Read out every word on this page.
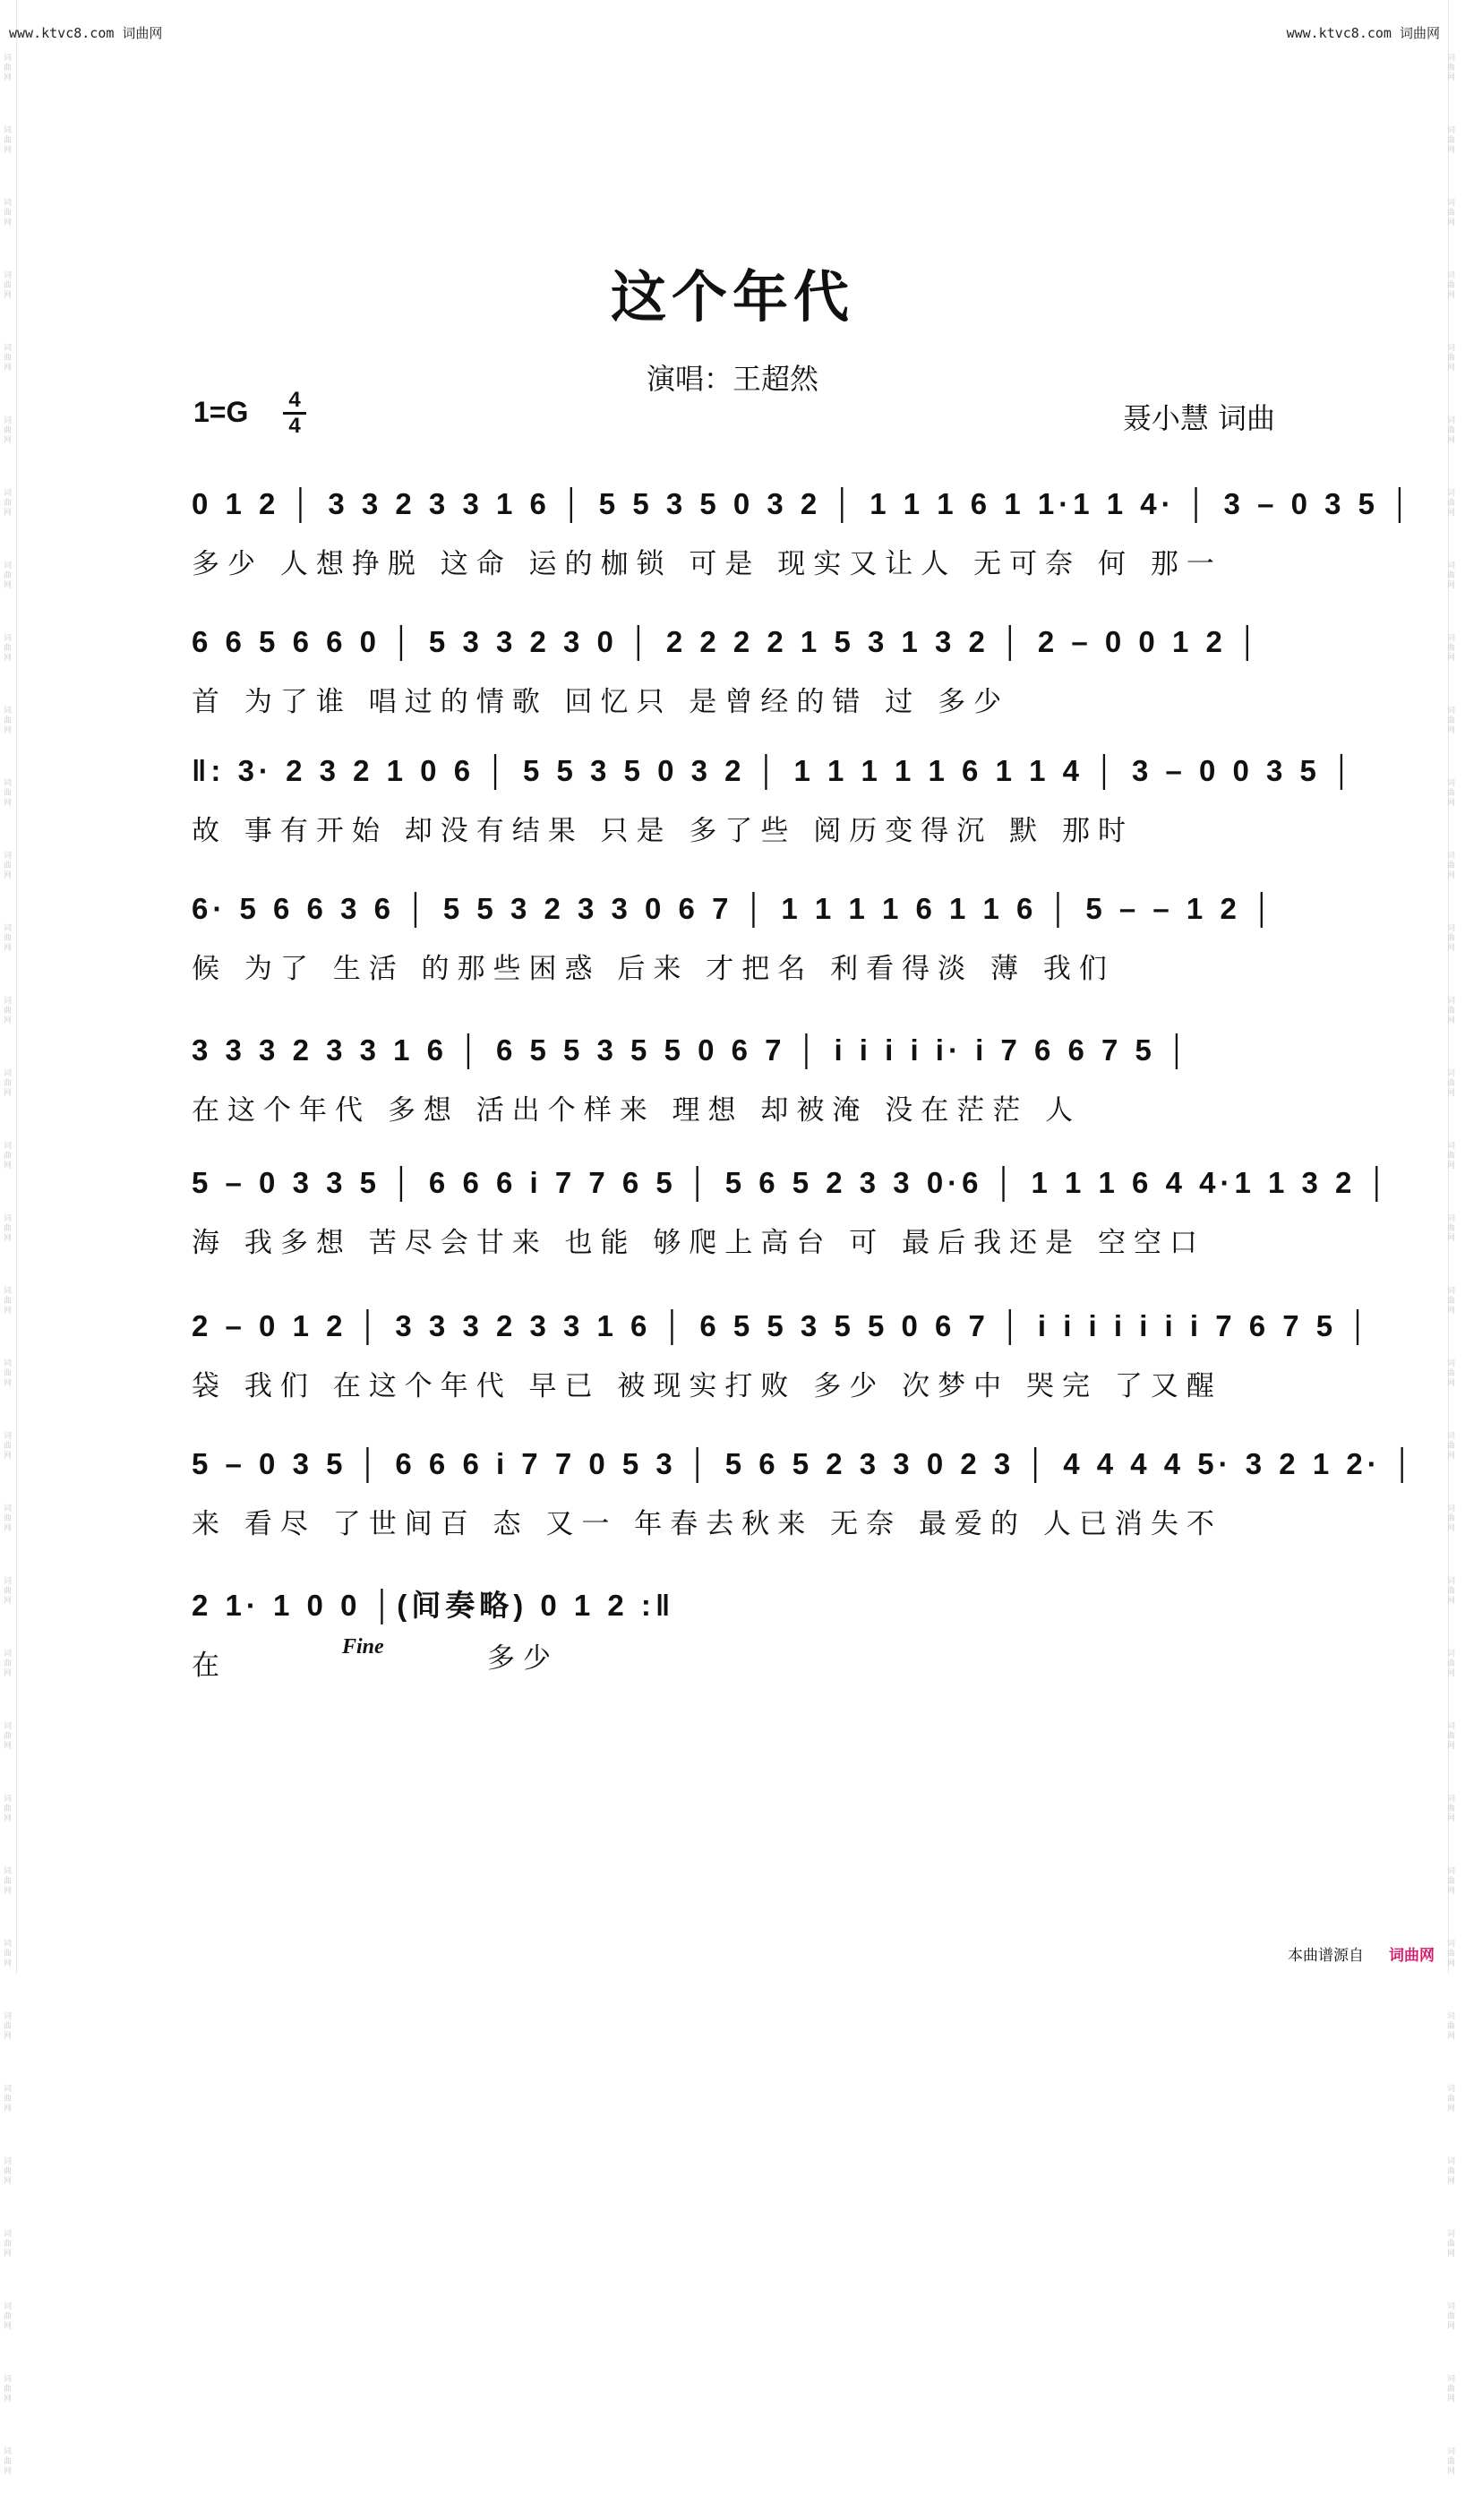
www.ktvc8.com 词曲网	www.ktvc8.com 词曲网
词曲网
词曲网
词曲网
词曲网
词曲网
词曲网
词曲网
词曲网
词曲网
词曲网
词曲网
词曲网
词曲网
词曲网
词曲网
词曲网
词曲网
词曲网
词曲网
词曲网
词曲网
词曲网
词曲网
词曲网
词曲网
词曲网
词曲网
词曲网
词曲网
词曲网
词曲网
词曲网
词曲网
词曲网
词曲网
词曲网
词曲网
词曲网
词曲网
词曲网
词曲网
词曲网
词曲网
词曲网
词曲网
词曲网
词曲网
词曲网
词曲网
词曲网
词曲网
词曲网
词曲网
词曲网
词曲网
词曲网
词曲网
词曲网
词曲网
词曲网
词曲网
词曲网
词曲网
词曲网
词曲网
词曲网
词曲网
词曲网
这个年代
演唱：王超然
1=G 4
4	聂小慧 词曲
0 1 2 │ 3 3 2 3 3 1 6 │ 5 5 3 5 0 3 2 │ 1 1 1 6 1 1·1 1 4· │ 3 – 0 3 5 │
多少 人想挣脱 这命 运的枷锁 可是 现实又让人 无可奈 何 那一
6 6 5 6 6 0 │ 5 3 3 2 3 0 │ 2 2 2 2 1 5 3 1 3 2 │ 2 – 0 0 1 2 │
首 为了谁 唱过的情歌 回忆只 是曾经的错 过 多少
‖: 3· 2 3 2 1 0 6 │ 5 5 3 5 0 3 2 │ 1 1 1 1 1 6 1 1 4 │ 3 – 0 0 3 5 │
故 事有开始 却没有结果 只是 多了些 阅历变得沉 默 那时
6· 5 6 6 3 6 │ 5 5 3 2 3 3 0 6 7 │ 1 1 1 1 6 1 1 6 │ 5 – – 1 2 │
候 为了 生活 的那些困惑 后来 才把名 利看得淡 薄 我们
3 3 3 2 3 3 1 6 │ 6 5 5 3 5 5 0 6 7 │ i i i i i· i 7 6 6 7 5 │
在这个年代 多想 活出个样来 理想 却被淹 没在茫茫 人
5 – 0 3 3 5 │ 6 6 6 i 7 7 6 5 │ 5 6 5 2 3 3 0·6 │ 1 1 1 6 4 4·1 1 3 2 │
海 我多想 苦尽会甘来 也能 够爬上高台 可 最后我还是 空空口
2 – 0 1 2 │ 3 3 3 2 3 3 1 6 │ 6 5 5 3 5 5 0 6 7 │ i i i i i i i 7 6 7 5 │
袋 我们 在这个年代 早已 被现实打败 多少 次梦中 哭完 了又醒
5 – 0 3 5 │ 6 6 6 i 7 7 0 5 3 │ 5 6 5 2 3 3 0 2 3 │ 4 4 4 4 5· 3 2 1 2· │
来 看尽 了世间百 态 又一 年春去秋来 无奈 最爱的 人已消失不
2 1· 1 0 0 │(间奏略) 0 1 2 :‖
在
Fine	多少
本曲谱源自 词曲网
